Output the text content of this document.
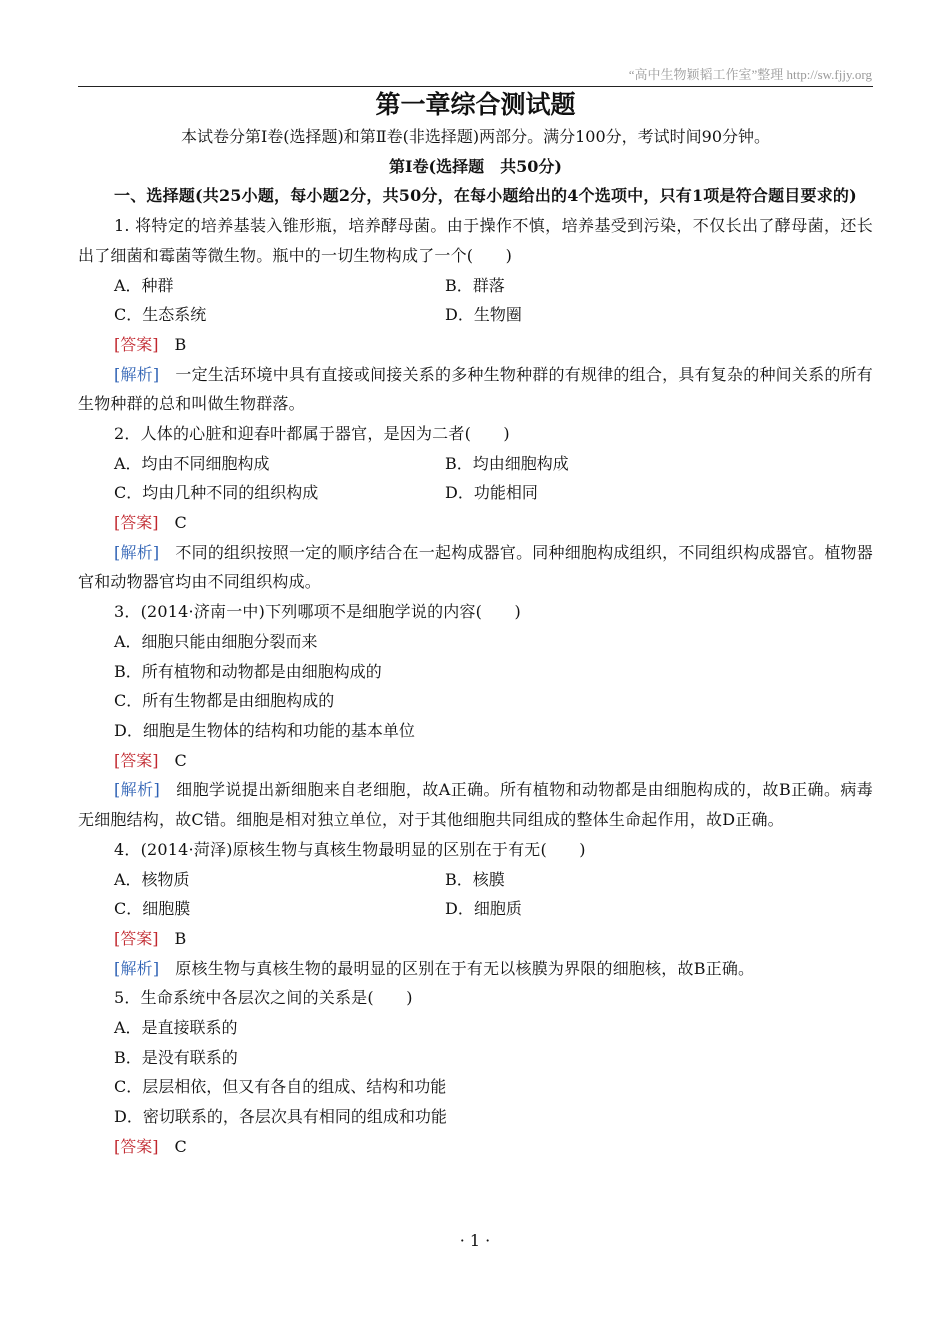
“高中生物颖韬工作室”整理 http://sw.fjjy.org
第一章综合测试题
本试卷分第Ⅰ卷(选择题)和第Ⅱ卷(非选择题)两部分。满分100分，考试时间90分钟。
第Ⅰ卷(选择题　共50分)
一、选择题(共25小题，每小题2分，共50分，在每小题给出的4个选项中，只有1项是符合题目要求的)
1. 将特定的培养基装入锥形瓶，培养酵母菌。由于操作不慎，培养基受到污染，不仅长出了酵母菌，还长出了细菌和霉菌等微生物。瓶中的一切生物构成了一个(　　)
A．种群	B．群落
C．生态系统	D．生物圈
[答案] B
[解析] 一定生活环境中具有直接或间接关系的多种生物种群的有规律的组合，具有复杂的种间关系的所有生物种群的总和叫做生物群落。
2．人体的心脏和迎春叶都属于器官，是因为二者(　　)
A．均由不同细胞构成	B．均由细胞构成
C．均由几种不同的组织构成	D．功能相同
[答案] C
[解析] 不同的组织按照一定的顺序结合在一起构成器官。同种细胞构成组织，不同组织构成器官。植物器官和动物器官均由不同组织构成。
3．(2014·济南一中)下列哪项不是细胞学说的内容(　　)
A．细胞只能由细胞分裂而来
B．所有植物和动物都是由细胞构成的
C．所有生物都是由细胞构成的
D．细胞是生物体的结构和功能的基本单位
[答案] C
[解析] 细胞学说提出新细胞来自老细胞，故A正确。所有植物和动物都是由细胞构成的，故B正确。病毒无细胞结构，故C错。细胞是相对独立单位，对于其他细胞共同组成的整体生命起作用，故D正确。
4．(2014·菏泽)原核生物与真核生物最明显的区别在于有无(　　)
A．核物质	B．核膜
C．细胞膜	D．细胞质
[答案] B
[解析] 原核生物与真核生物的最明显的区别在于有无以核膜为界限的细胞核，故B正确。
5．生命系统中各层次之间的关系是(　　)
A．是直接联系的
B．是没有联系的
C．层层相依，但又有各自的组成、结构和功能
D．密切联系的，各层次具有相同的组成和功能
[答案] C
· 1 ·
